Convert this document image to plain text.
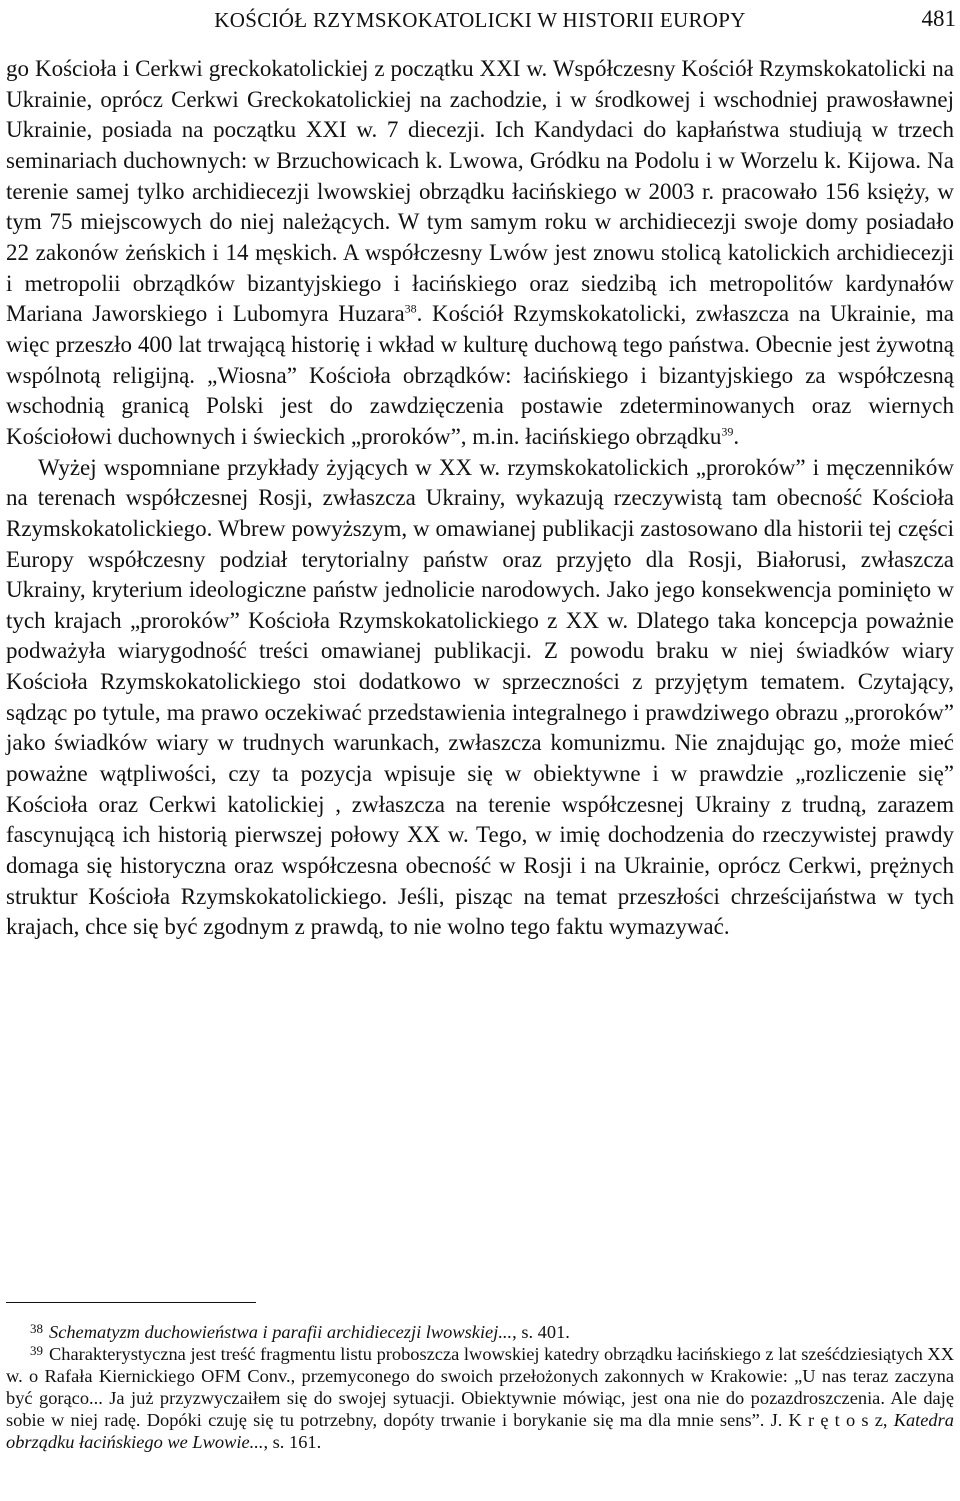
KOŚCIÓŁ RZYMSKOKATOLICKI W HISTORII EUROPY	481

go Kościoła i Cerkwi greckokatolickiej z początku XXI w. Współczesny Kościół Rzymskokatolicki na Ukrainie, oprócz Cerkwi Greckokatolickiej na zachodzie, i w środkowej i wschodniej prawosławnej Ukrainie, posiada na początku XXI w. 7 diecezji. Ich Kandydaci do kapłaństwa studiują w trzech seminariach duchownych: w Brzuchowicach k. Lwowa, Gródku na Podolu i w Worzelu k. Kijowa. Na terenie samej tylko archidiecezji lwowskiej obrządku łacińskiego w 2003 r. pracowało 156 księży, w tym 75 miejscowych do niej należących. W tym samym roku w archidiecezji swoje domy posiadało 22 zakonów żeńskich i 14 męskich. A współczesny Lwów jest znowu stolicą katolickich archidiecezji i metropolii obrządków bizantyjskiego i łacińskiego oraz siedzibą ich metropolitów kardynałów Mariana Jaworskiego i Lubomyra Huzara$^{38}$. Kościół Rzymskokatolicki, zwłaszcza na Ukrainie, ma więc przeszło 400 lat trwającą historię i wkład w kulturę duchową tego państwa. Obecnie jest żywotną wspólnotą religijną. „Wiosna” Kościoła obrządków: łacińskiego i bizantyjskiego za współczesną wschodnią granicą Polski jest do zawdzięczenia postawie zdeterminowanych oraz wiernych Kościołowi duchownych i świeckich „proroków”, m.in. łacińskiego obrządku$^{39}$.

Wyżej wspomniane przykłady żyjących w XX w. rzymskokatolickich „proroków” i męczenników na terenach współczesnej Rosji, zwłaszcza Ukrainy, wykazują rzeczywistą tam obecność Kościoła Rzymskokatolickiego. Wbrew powyższym, w omawianej publikacji zastosowano dla historii tej części Europy współczesny podział terytorialny państw oraz przyjęto dla Rosji, Białorusi, zwłaszcza Ukrainy, kryterium ideologiczne państw jednolicie narodowych. Jako jego konsekwencja pominięto w tych krajach „proroków” Kościoła Rzymskokatolickiego z XX w. Dlatego taka koncepcja poważnie podważyła wiarygodność treści omawianej publikacji. Z powodu braku w niej świadków wiary Kościoła Rzymskokatolickiego stoi dodatkowo w sprzeczności z przyjętym tematem. Czytający, sądząc po tytule, ma prawo oczekiwać przedstawienia integralnego i prawdziwego obrazu „proroków” jako świadków wiary w trudnych warunkach, zwłaszcza komunizmu. Nie znajdując go, może mieć poważne wątpliwości, czy ta pozycja wpisuje się w obiektywne i w prawdzie „rozliczenie się” Kościoła oraz Cerkwi katolickiej , zwłaszcza na terenie współczesnej Ukrainy z trudną, zarazem fascynującą ich historią pierwszej połowy XX w. Tego, w imię dochodzenia do rzeczywistej prawdy domaga się historyczna oraz współczesna obecność w Rosji i na Ukrainie, oprócz Cerkwi, prężnych struktur Kościoła Rzymskokatolickiego. Jeśli, pisząc na temat przeszłości chrześcijaństwa w tych krajach, chce się być zgodnym z prawdą, to nie wolno tego faktu wymazywać.

$^{38}$ Schematyzm duchowieństwa i parafii archidiecezji lwowskiej..., s. 401.

$^{39}$ Charakterystyczna jest treść fragmentu listu proboszcza lwowskiej katedry obrządku łacińskiego z lat sześćdziesiątych XX w. o Rafała Kiernickiego OFM Conv., przemyconego do swoich przełożonych zakonnych w Krakowie: „U nas teraz zaczyna być gorąco... Ja już przyzwyczaiłem się do swojej sytuacji. Obiektywnie mówiąc, jest ona nie do pozazdroszczenia. Ale daję sobie w niej radę. Dopóki czuję się tu potrzebny, dopóty trwanie i borykanie się ma dla mnie sens”. J. K r ę t o s z, Katedra obrządku łacińskiego we Lwowie..., s. 161.
